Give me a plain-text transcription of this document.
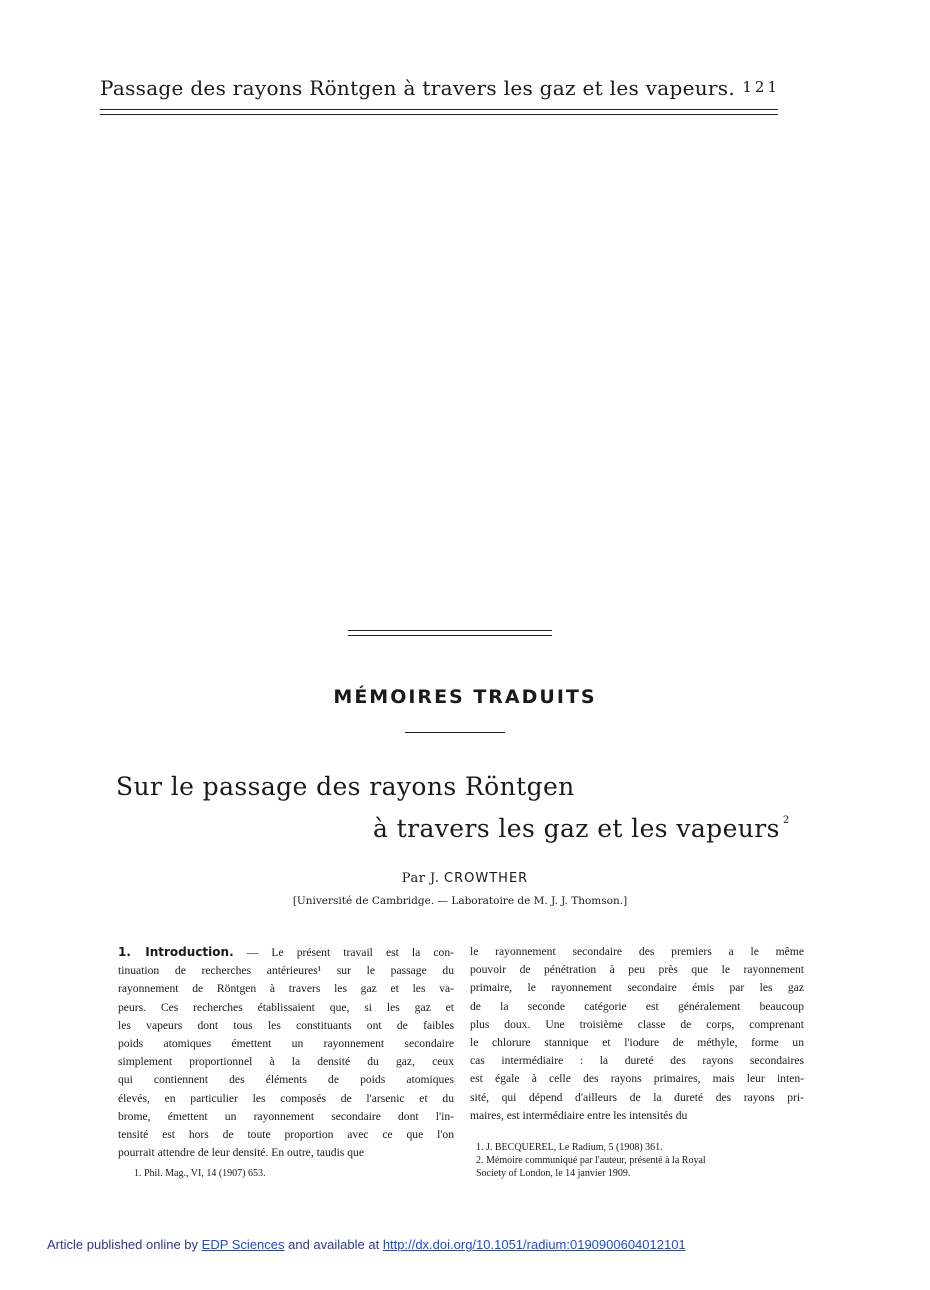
Passage des rayons Röntgen à travers les gaz et les vapeurs. 121
MÉMOIRES TRADUITS
Sur le passage des rayons Röntgen
à travers les gaz et les vapeurs $^2$
Par J. CROWTHER
[Université de Cambridge. — Laboratoire de M. J. J. Thomson.]
1. Introduction. — Le présent travail est la con-
tinuation de recherches antérieures¹ sur le passage du
rayonnement de Röntgen à travers les gaz et les va-
peurs. Ces recherches établissaient que, si les gaz et
les vapeurs dont tous les constituants ont de faibles
poids atomiques émettent un rayonnement secondaire
simplement proportionnel à la densité du gaz, ceux
qui contiennent des éléments de poids atomiques
élevés, en particulier les composés de l'arsenic et du
brome, émettent un rayonnement secondaire dont l'in-
tensité est hors de toute proportion avec ce que l'on
pourrait attendre de leur densité. En outre, taudis que
le rayonnement secondaire des premiers a le même
pouvoir de pénétration à peu près que le rayonnement
primaire, le rayonnement secondaire émis par les gaz
de la seconde catégorie est généralement beaucoup
plus doux. Une troisième classe de corps, comprenant
le chlorure stannique et l'iodure de méthyle, forme un
cas intermédiaire : la dureté des rayons secondaires
est égale à celle des rayons primaires, mais leur inten-
sité, qui dépend d'ailleurs de la dureté des rayons pri-
maires, est intermédiaire entre les intensités du
1. Phil. Mag., VI, 14 (1907) 653.
1. J. BECQUEREL, Le Radium, 5 (1908) 361.
2. Mémoire communiqué par l'auteur, présenté à la Royal
Society of London, le 14 janvier 1909.
Article published online by EDP Sciences and available at http://dx.doi.org/10.1051/radium:0190900604012101
